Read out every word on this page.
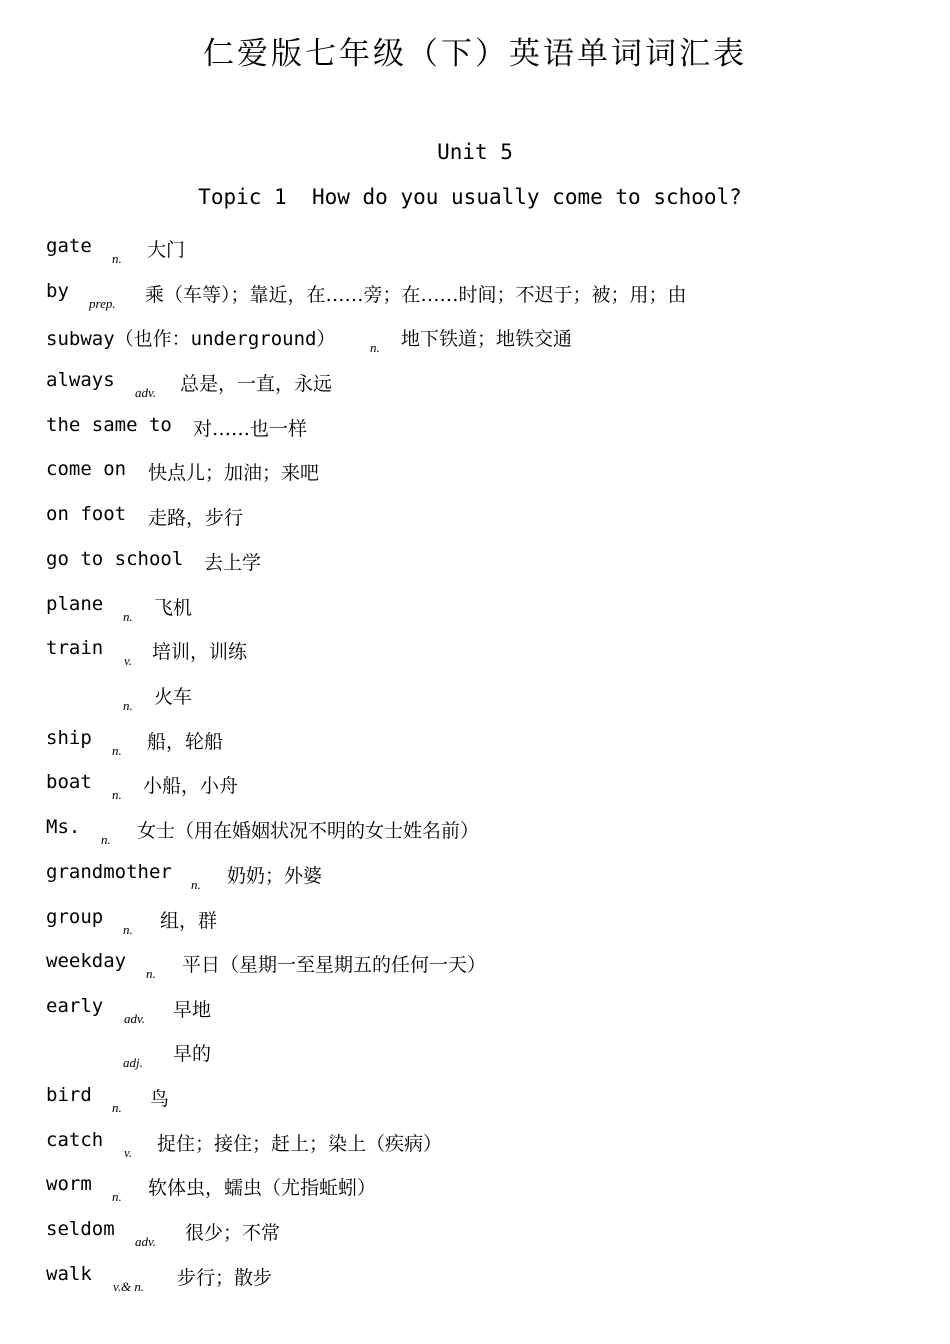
仁爱版七年级（下）英语单词词汇表
Unit 5
Topic 1  How do you usually come to school?
gate
n. 大门
by
prep. 乘（车等）；靠近，在……旁；在……时间；不迟于；被；用；由
subway（也作：underground）	n. 地下铁道；地铁交通
always
adv. 总是，一直，永远
the same to 对……也一样
come on 快点儿；加油；来吧
on foot 走路，步行
go to school 去上学
plane
n. 飞机
train
v. 培训，训练
n. 火车
ship
n. 船，轮船
boat
n. 小船，小舟
Ms.
n. 女士（用在婚姻状况不明的女士姓名前）
grandmother
n. 奶奶；外婆
group
n. 组，群
weekday
n. 平日（星期一至星期五的任何一天）
early
adv. 早地
adj. 早的
bird
n. 鸟
catch
v. 捉住；接住；赶上；染上（疾病）
worm
n. 软体虫，蠕虫（尤指蚯蚓）
seldom
adv. 很少；不常
walk
v.& n. 步行；散步
